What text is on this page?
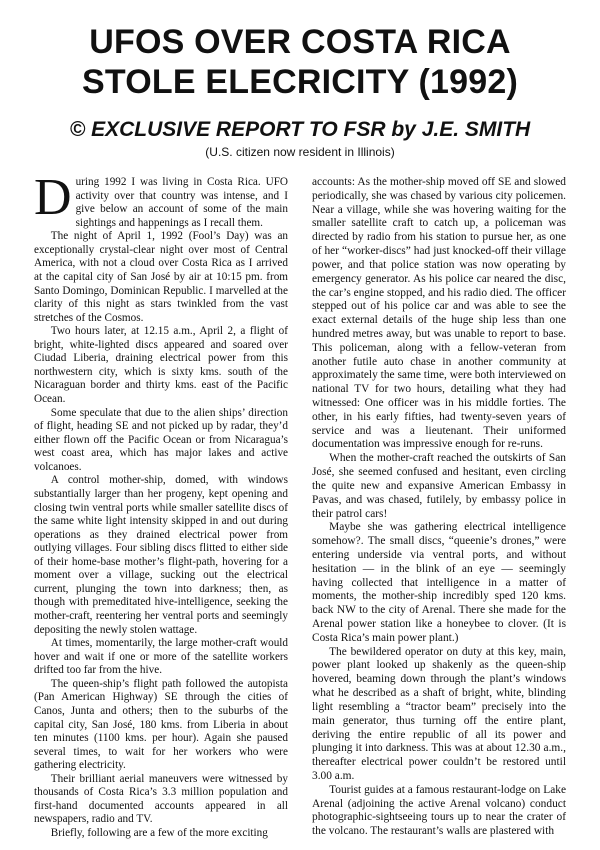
UFOS OVER COSTA RICA
STOLE ELECRICITY (1992)
© EXCLUSIVE REPORT TO FSR by J.E. SMITH
(U.S. citizen now resident in Illinois)

During 1992 I was living in Costa Rica. UFO activity over that country was intense, and I give below an account of some of the main sightings and happenings as I recall them.

The night of April 1, 1992 (Fool’s Day) was an exceptionally crystal-clear night over most of Central America, with not a cloud over Costa Rica as I arrived at the capital city of San José by air at 10:15 pm. from Santo Domingo, Dominican Republic. I marvelled at the clarity of this night as stars twinkled from the vast stretches of the Cosmos.

Two hours later, at 12.15 a.m., April 2, a flight of bright, white-lighted discs appeared and soared over Ciudad Liberia, draining electrical power from this northwestern city, which is sixty kms. south of the Nicaraguan border and thirty kms. east of the Pacific Ocean.

Some speculate that due to the alien ships’ direction of flight, heading SE and not picked up by radar, they’d either flown off the Pacific Ocean or from Nicaragua’s west coast area, which has major lakes and active volcanoes.

A control mother-ship, domed, with windows substantially larger than her progeny, kept opening and closing twin ventral ports while smaller satellite discs of the same white light intensity skipped in and out during operations as they drained electrical power from outlying villages. Four sibling discs flitted to either side of their home-base mother’s flight-path, hovering for a moment over a village, sucking out the electrical current, plunging the town into darkness; then, as though with premeditated hive-intelligence, seeking the mother-craft, reentering her ventral ports and seemingly depositing the newly stolen wattage.

At times, momentarily, the large mother-craft would hover and wait if one or more of the satellite workers drifted too far from the hive.

The queen-ship’s flight path followed the autopista (Pan American Highway) SE through the cities of Canos, Junta and others; then to the suburbs of the capital city, San José, 180 kms. from Liberia in about ten minutes (1100 kms. per hour). Again she paused several times, to wait for her workers who were gathering electricity.

Their brilliant aerial maneuvers were witnessed by thousands of Costa Rica’s 3.3 million population and first-hand documented accounts appeared in all newspapers, radio and TV.

Briefly, following are a few of the more exciting

accounts: As the mother-ship moved off SE and slowed periodically, she was chased by various city policemen. Near a village, while she was hovering waiting for the smaller satellite craft to catch up, a policeman was directed by radio from his station to pursue her, as one of her “worker-discs” had just knocked-off their village power, and that police station was now operating by emergency generator. As his police car neared the disc, the car’s engine stopped, and his radio died. The officer stepped out of his police car and was able to see the exact external details of the huge ship less than one hundred metres away, but was unable to report to base. This policeman, along with a fellow-veteran from another futile auto chase in another community at approximately the same time, were both interviewed on national TV for two hours, detailing what they had witnessed: One officer was in his middle forties. The other, in his early fifties, had twenty-seven years of service and was a lieutenant. Their uniformed documentation was impressive enough for re-runs.

When the mother-craft reached the outskirts of San José, she seemed confused and hesitant, even circling the quite new and expansive American Embassy in Pavas, and was chased, futilely, by embassy police in their patrol cars!

Maybe she was gathering electrical intelligence somehow?. The small discs, “queenie’s drones,” were entering underside via ventral ports, and without hesitation — in the blink of an eye — seemingly having collected that intelligence in a matter of moments, the mother-ship incredibly sped 120 kms. back NW to the city of Arenal. There she made for the Arenal power station like a honeybee to clover. (It is Costa Rica’s main power plant.)

The bewildered operator on duty at this key, main, power plant looked up shakenly as the queen-ship hovered, beaming down through the plant’s windows what he described as a shaft of bright, white, blinding light resembling a “tractor beam” precisely into the main generator, thus turning off the entire plant, deriving the entire republic of all its power and plunging it into darkness. This was at about 12.30 a.m., thereafter electrical power couldn’t be restored until 3.00 a.m.

Tourist guides at a famous restaurant-lodge on Lake Arenal (adjoining the active Arenal volcano) conduct photographic-sightseeing tours up to near the crater of the volcano. The restaurant’s walls are plastered with
